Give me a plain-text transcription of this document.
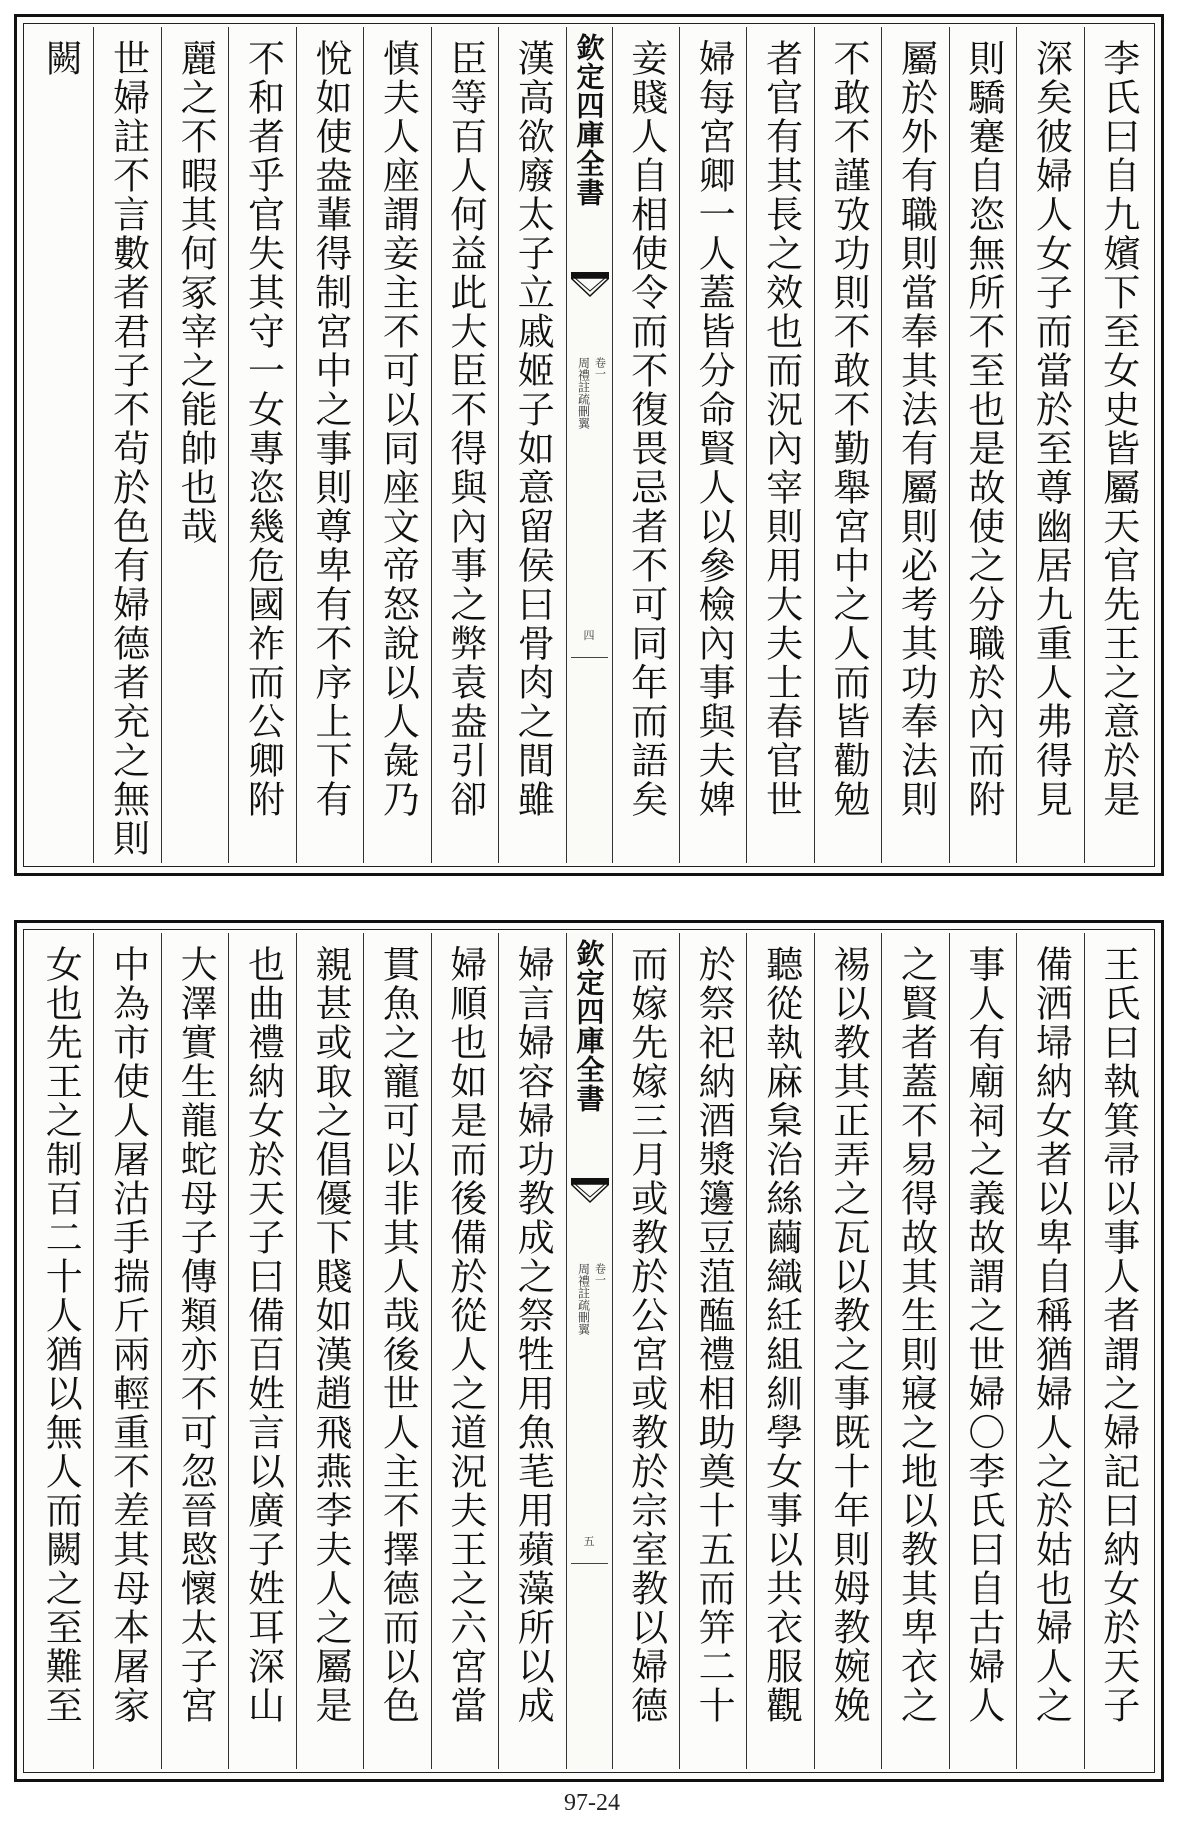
李氏曰自九嬪下至女史皆屬天官先王之意於是
深矣彼婦人女子而當於至尊幽居九重人弗得見
則驕蹇自恣無所不至也是故使之分職於內而附
屬於外有職則當奉其法有屬則必考其功奉法則
不敢不謹攷功則不敢不勤舉宮中之人而皆勸勉
者官有其長之效也而況內宰則用大夫士春官世
婦每宮卿一人蓋皆分命賢人以參檢內事與夫婢
妾賤人自相使令而不復畏忌者不可同年而語矣
欽定四庫全書
周禮註疏刪翼 卷一
四
漢高欲廢太子立戚姬子如意留侯曰骨肉之間雖
臣等百人何益此大臣不得與內事之弊袁盎引卻
慎夫人座謂妾主不可以同座文帝怒說以人彘乃
悅如使盎輩得制宮中之事則尊卑有不序上下有
不和者乎官失其守一女專恣幾危國祚而公卿附
麗之不暇其何冢宰之能帥也哉
世婦註不言數者君子不茍於色有婦德者充之無則
闕
王氏曰執箕帚以事人者謂之婦記曰納女於天子
備洒埽納女者以卑自稱猶婦人之於姑也婦人之
事人有廟祠之義故謂之世婦〇李氏曰自古婦人
之賢者蓋不易得故其生則寢之地以教其卑衣之
裼以教其正弄之瓦以教之事既十年則姆教婉娩
聽從執麻枲治絲繭織紝組紃學女事以共衣服觀
於祭祀納酒漿籩豆菹醢禮相助奠十五而笄二十
而嫁先嫁三月或教於公宮或教於宗室教以婦德
欽定四庫全書
周禮註疏刪翼 卷一
五
婦言婦容婦功教成之祭牲用魚芼用蘋藻所以成
婦順也如是而後備於從人之道況夫王之六宮當
貫魚之寵可以非其人哉後世人主不擇德而以色
親甚或取之倡優下賤如漢趙飛燕李夫人之屬是
也曲禮納女於天子曰備百姓言以廣子姓耳深山
大澤實生龍蛇母子傳類亦不可忽晉愍懷太子宮
中為市使人屠沽手揣斤兩輕重不差其母本屠家
女也先王之制百二十人猶以無人而闕之至難至
97-24
